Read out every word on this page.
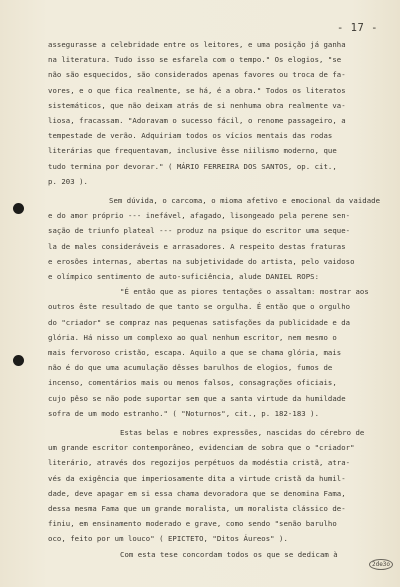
- 17 -
assegurasse a celebridade entre os leitores, e uma posição já ganha
na literatura. Tudo isso se esfarela com o tempo." Os elogios, "se
não são esquecidos, são considerados apenas favores ou troca de fa-
vores, e o que fica realmente, se há, é a obra." Todos os literatos
sistemáticos, que não deixam atrás de si nenhuma obra realmente va-
liosa, fracassam. "Adoravam o sucesso fácil, o renome passageiro, a
tempestade de verão. Adquiriam todos os vícios mentais das rodas
literárias que frequentavam, inclusive êsse niilismo moderno, que
tudo termina por devorar." ( MÁRIO FERREIRA DOS SANTOS, op. cit.,
p. 203 ).
Sem dúvida, o carcoma, o mioma afetivo e emocional da vaidade
e do amor próprio --- inefável, afagado, lisongeado pela perene sen-
sação de triunfo plateal --- produz na psique do escritor uma seque-
la de males consideráveis e arrasadores. A respeito destas fraturas
e erosões internas, abertas na subjetividade do artista, pelo vaidoso
e olímpico sentimento de auto-suficiência, alude DANIEL ROPS:
"É então que as piores tentações o assaltam: mostrar aos
outros êste resultado de que tanto se orgulha. É então que o orgulho
do "criador" se compraz nas pequenas satisfações da publicidade e da
glória. Há nisso um complexo ao qual nenhum escritor, nem mesmo o
mais fervoroso cristão, escapa. Aquilo a que se chama glória, mais
não é do que uma acumulação dêsses barulhos de elogios, fumos de
incenso, comentários mais ou menos falsos, consagrações oficiais,
cujo pêso se não pode suportar sem que a santa virtude da humildade
sofra de um modo estranho." ( "Noturnos", cit., p. 182-183 ).
Estas belas e nobres expressões, nascidas do cérebro de
um grande escritor contemporâneo, evidenciam de sobra que o "criador"
literário, através dos regozijos perpétuos da modéstia cristã, atra-
vés da exigência que imperiosamente dita a virtude cristã da humil-
dade, deve apagar em si essa chama devoradora que se denomina Fama,
dessa mesma Fama que um grande moralista, um moralista clássico de-
finiu, em ensinamento moderado e grave, como sendo "senão barulho
oco, feito por um louco" ( EPICTETO, "Ditos Áureos" ).
Com esta tese concordam todos os que se dedicam à
2de3o
